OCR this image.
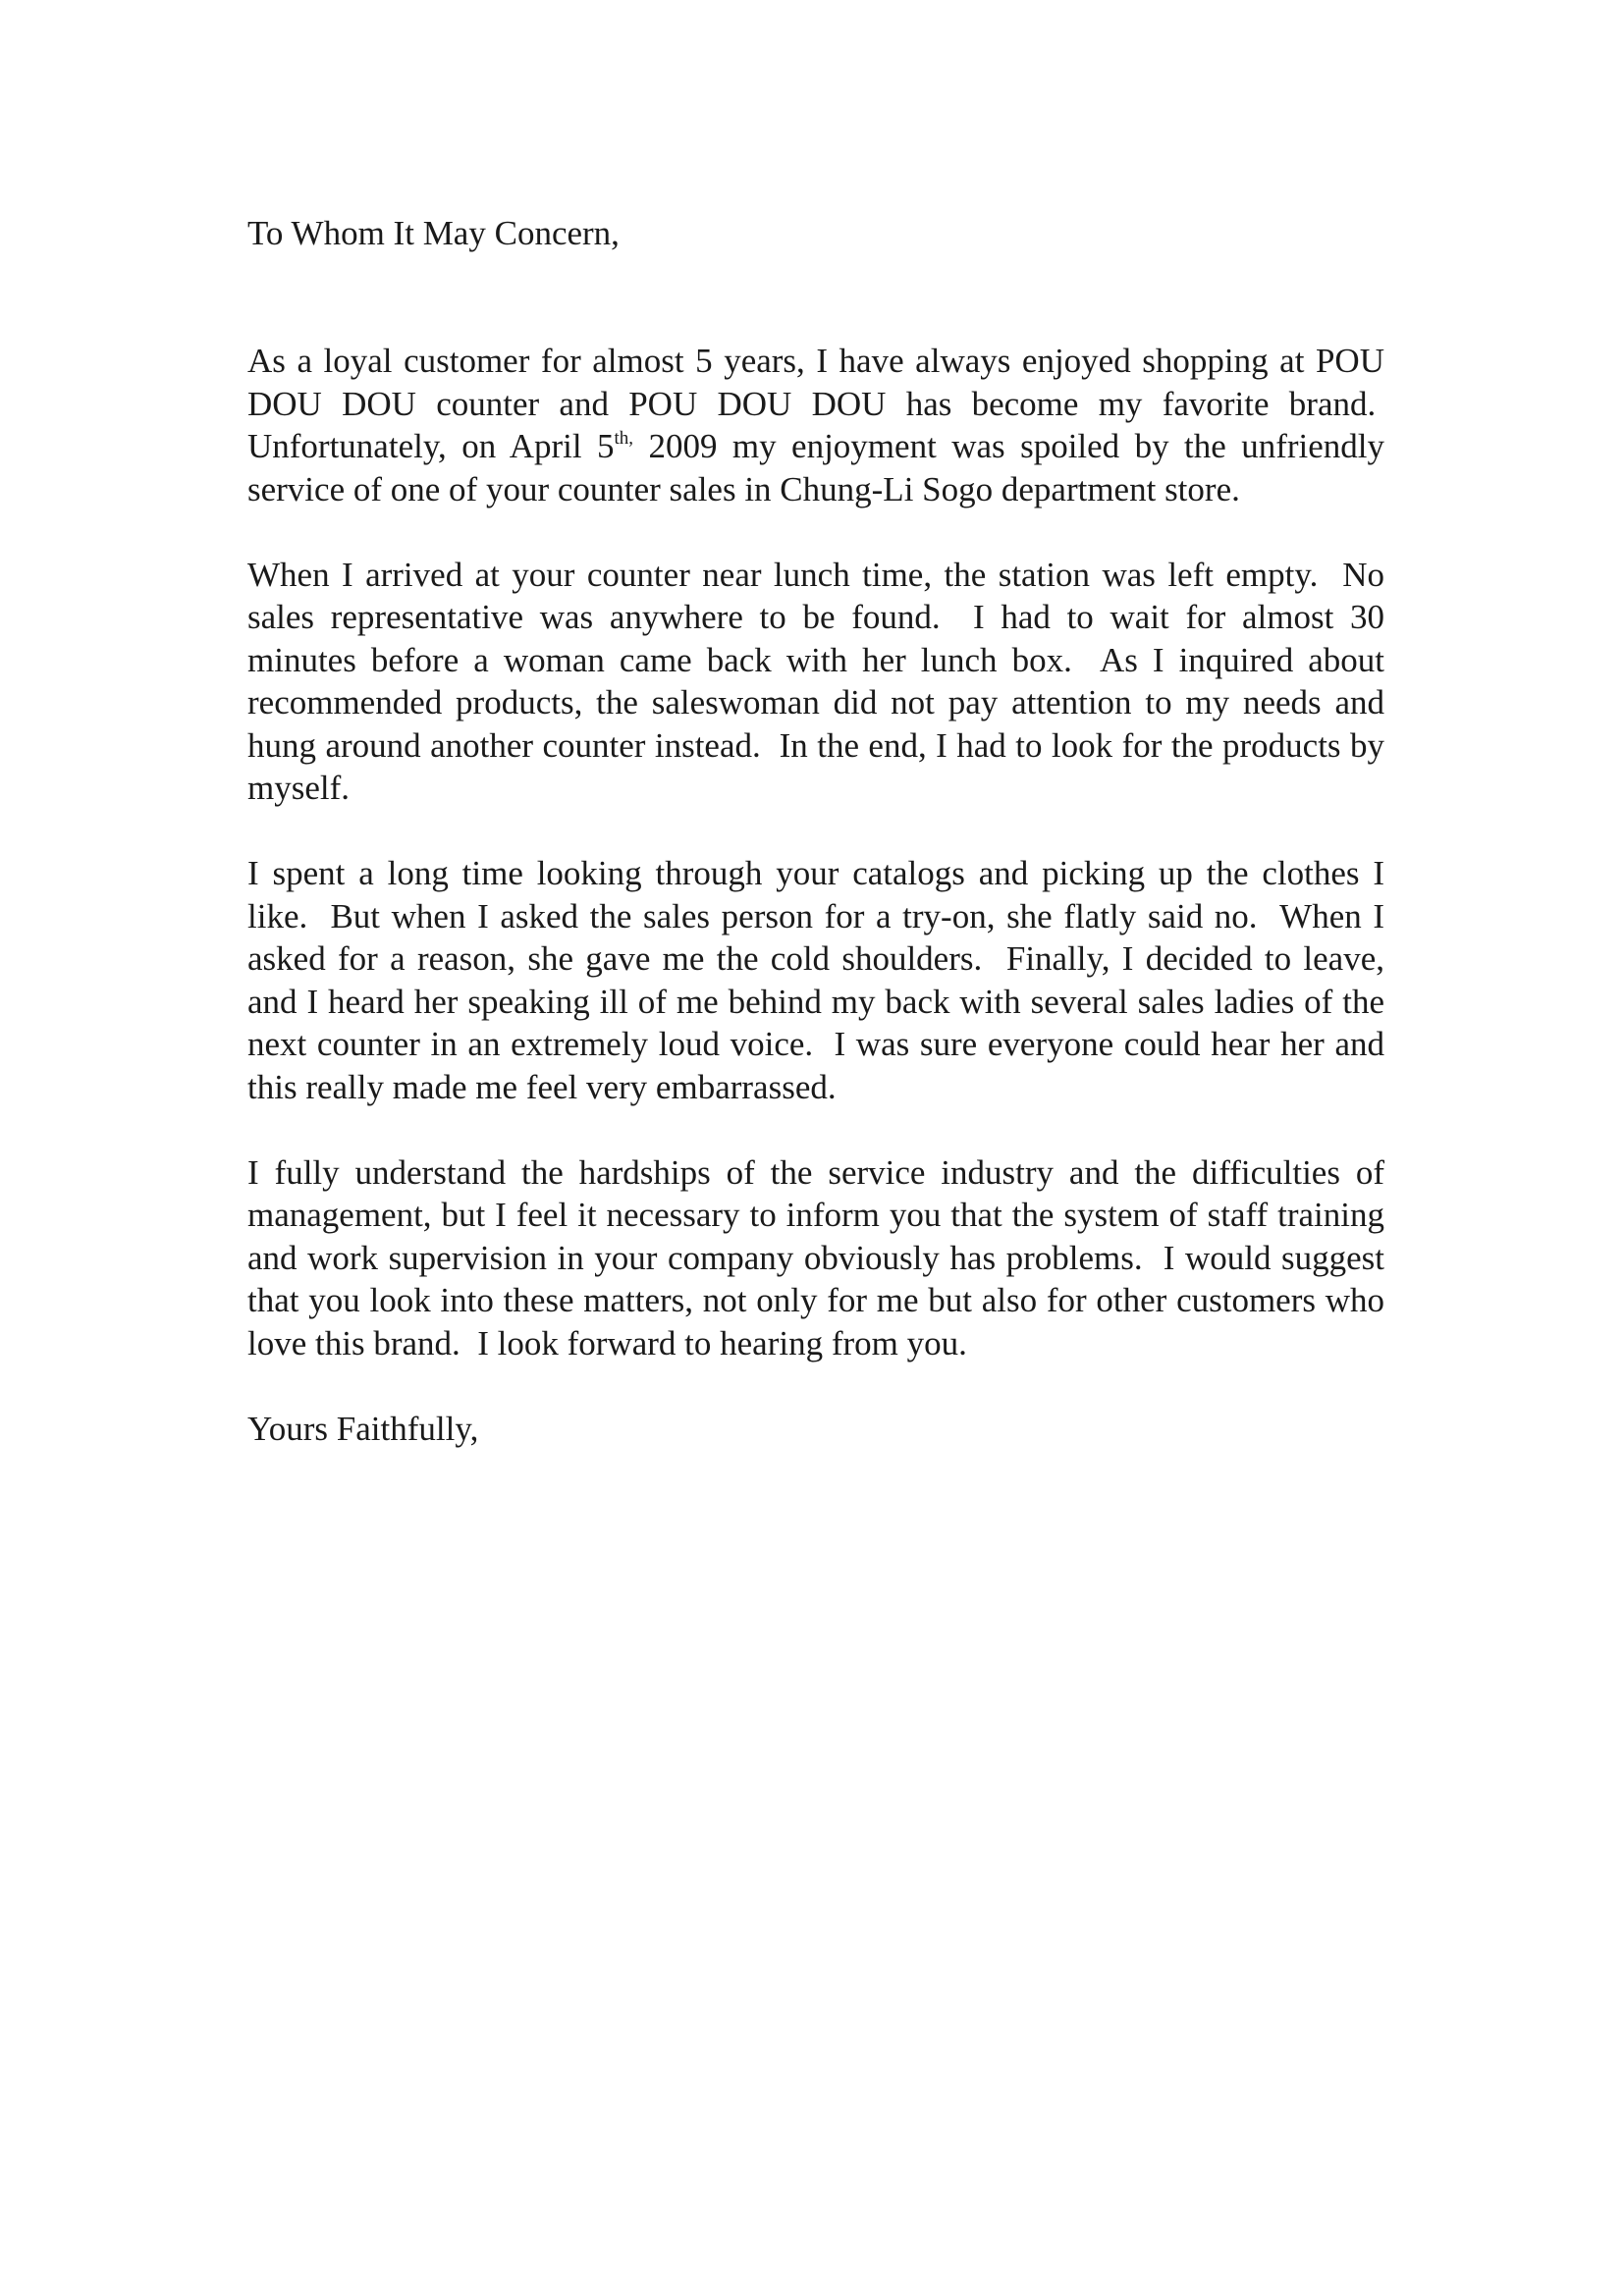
To Whom It May Concern,

As a loyal customer for almost 5 years, I have always enjoyed shopping at POU DOU DOU counter and POU DOU DOU has become my favorite brand.  Unfortunately, on April $5^{th,}$ 2009 my enjoyment was spoiled by the unfriendly service of one of your counter sales in Chung-Li Sogo department store.

When I arrived at your counter near lunch time, the station was left empty.  No sales representative was anywhere to be found.  I had to wait for almost 30 minutes before a woman came back with her lunch box.  As I inquired about recommended products, the saleswoman did not pay attention to my needs and hung around another counter instead.  In the end, I had to look for the products by myself.

I spent a long time looking through your catalogs and picking up the clothes I like.  But when I asked the sales person for a try-on, she flatly said no.  When I asked for a reason, she gave me the cold shoulders.  Finally, I decided to leave, and I heard her speaking ill of me behind my back with several sales ladies of the next counter in an extremely loud voice.  I was sure everyone could hear her and this really made me feel very embarrassed.

I fully understand the hardships of the service industry and the difficulties of management, but I feel it necessary to inform you that the system of staff training and work supervision in your company obviously has problems.  I would suggest that you look into these matters, not only for me but also for other customers who love this brand.  I look forward to hearing from you.

Yours Faithfully,
